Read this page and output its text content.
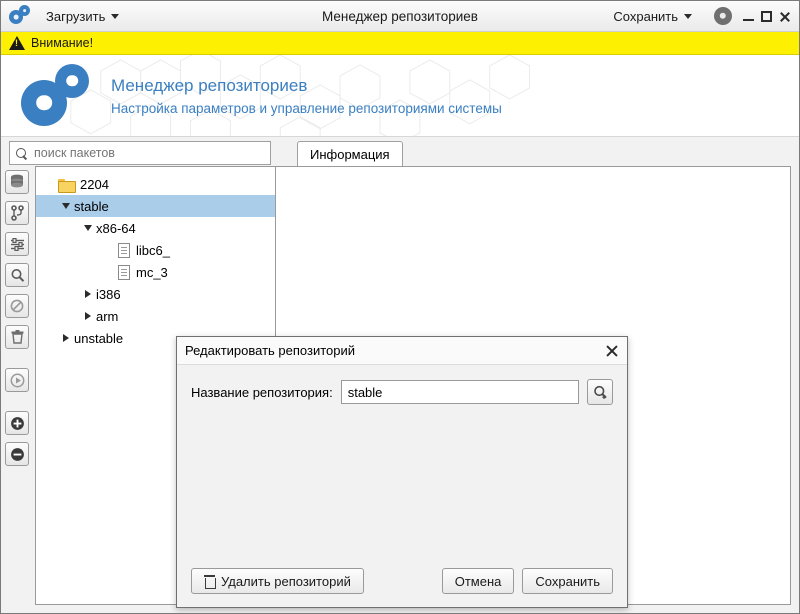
Загрузить	Менеджер репозиториев	Сохранить
!
Внимание!
Менеджер репозиториев
Настройка параметров и управление репозиториями системы
поиск пакетов
Информация
2204
stable
x86-64
libc6_
mc_3
i386
arm
unstable
Редактировать репозиторий
Название репозитория:
stable
Удалить репозиторий	Отмена	Сохранить
